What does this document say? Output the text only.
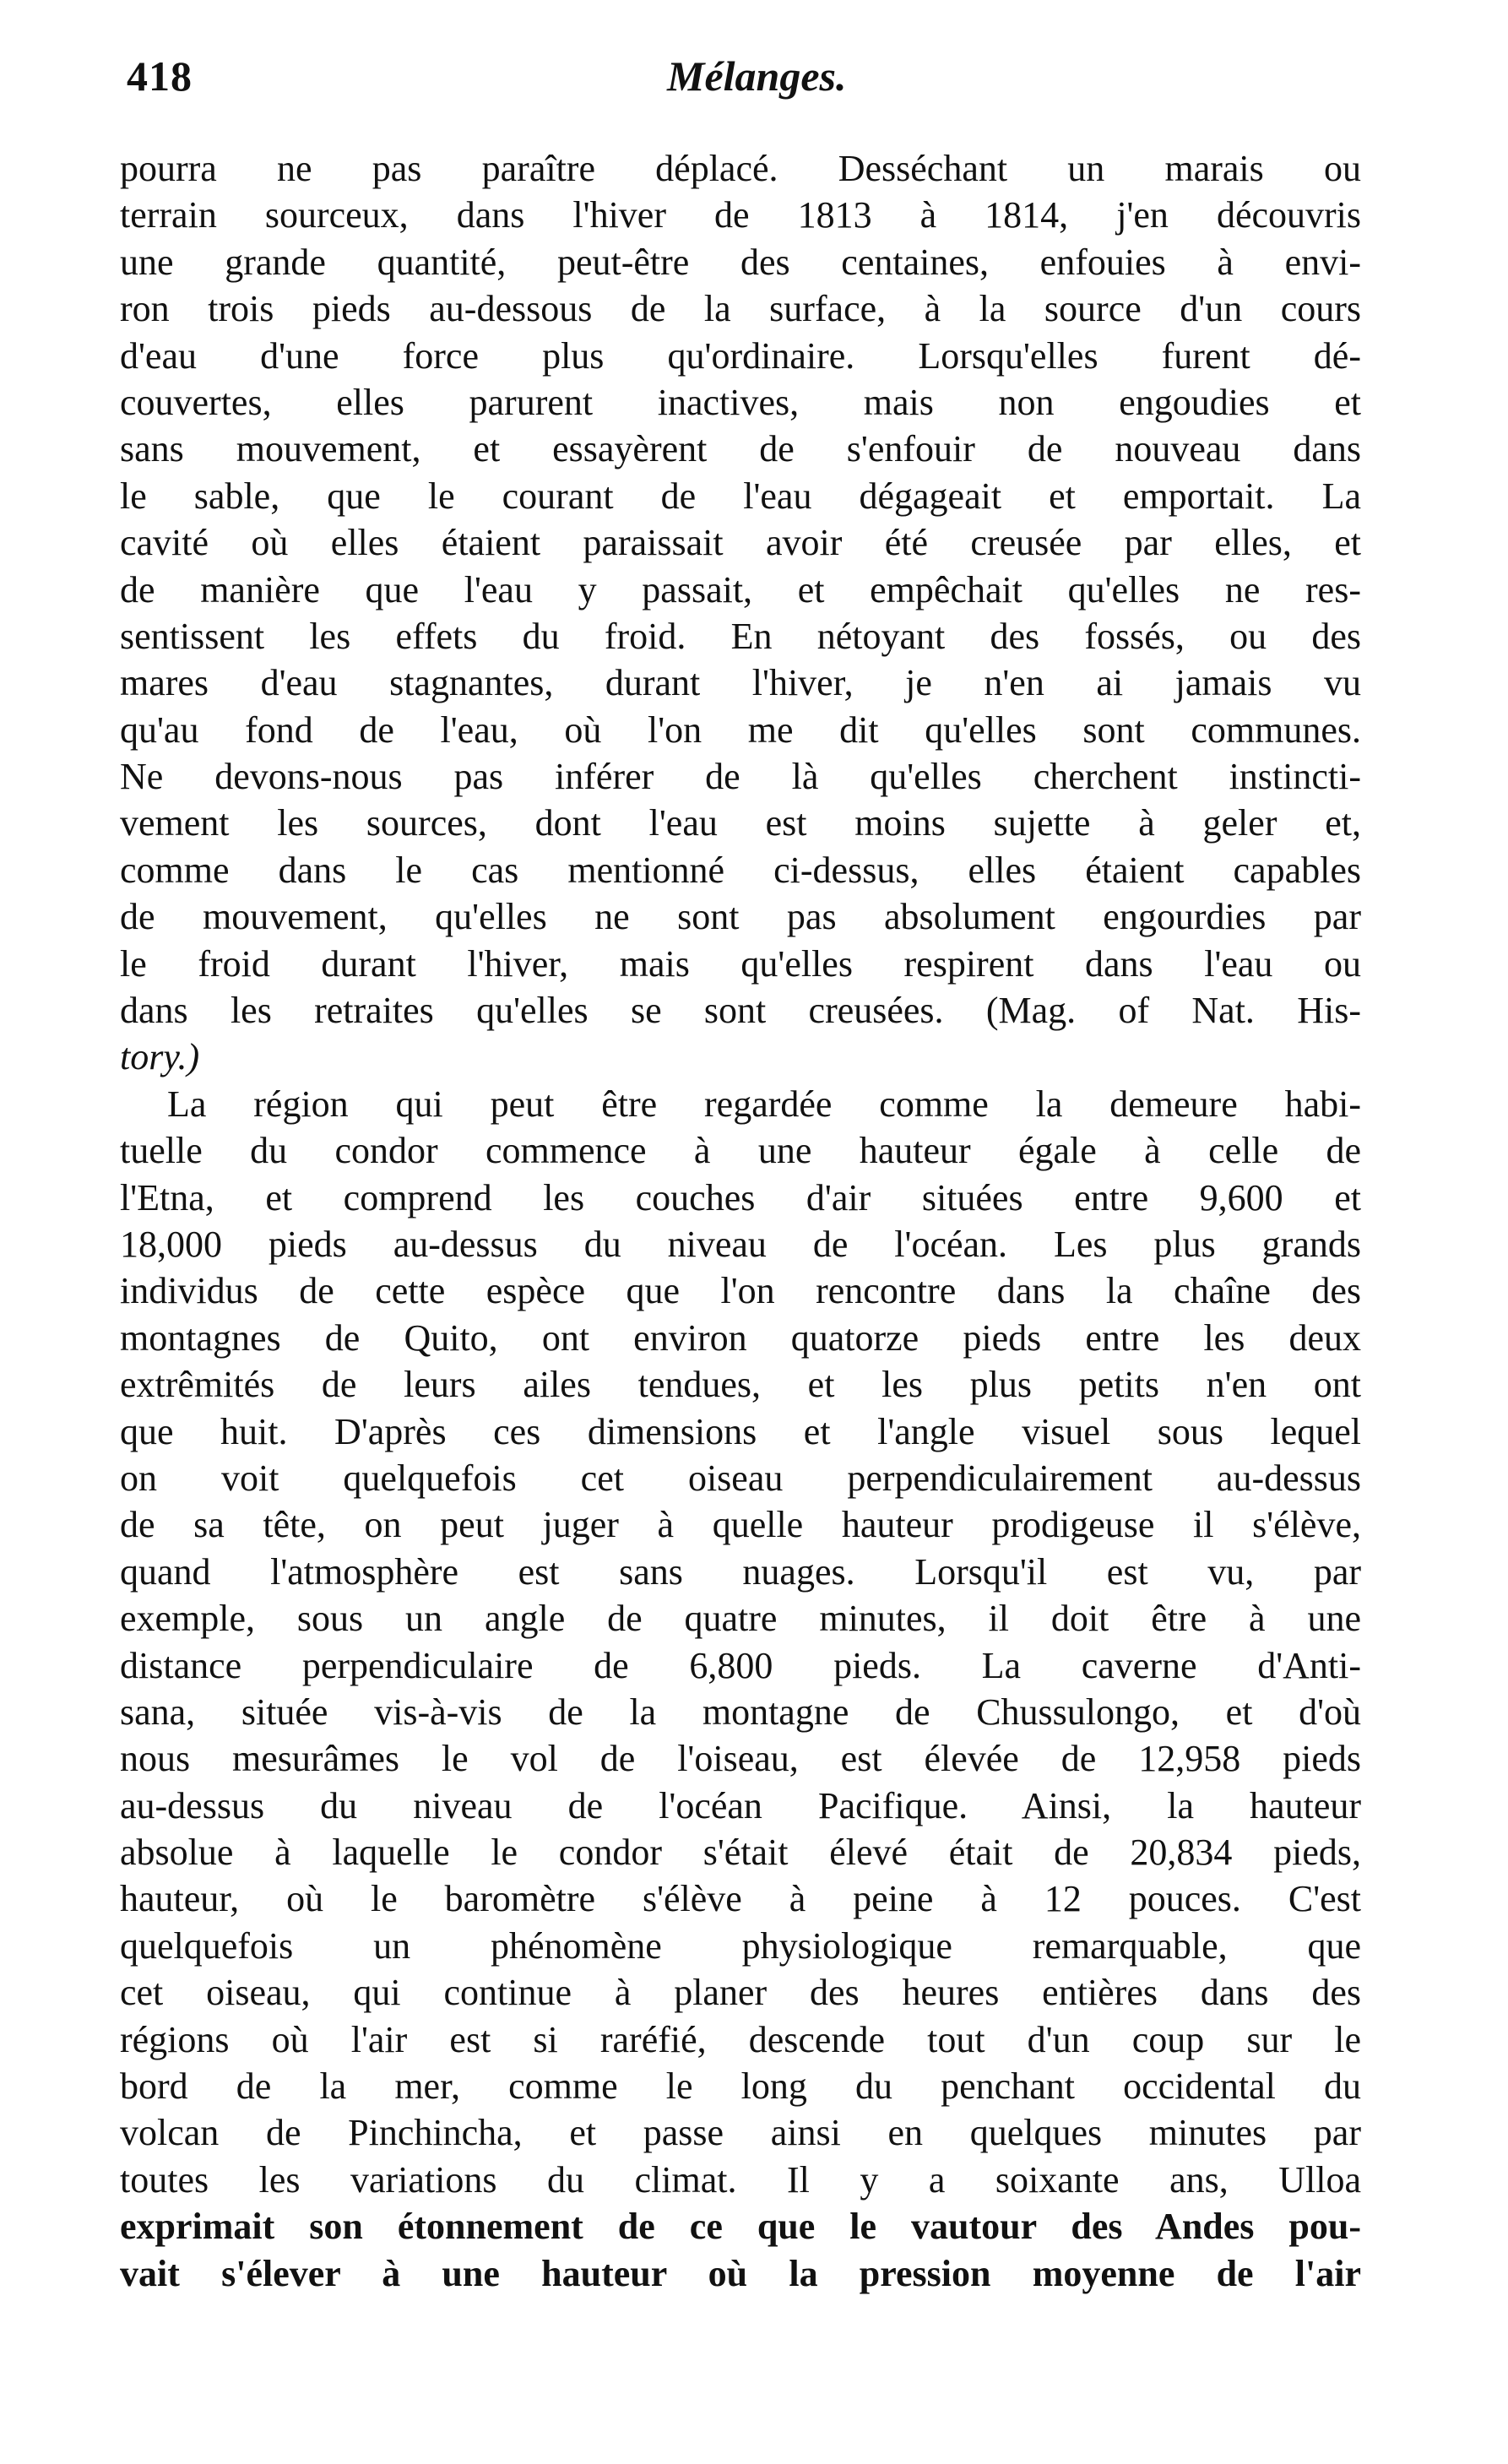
418	Mélanges.
pourra ne pas paraître déplacé. Desséchant un marais ou
terrain sourceux, dans l'hiver de 1813 à 1814, j'en découvris
une grande quantité, peut-être des centaines, enfouies à envi-
ron trois pieds au-dessous de la surface, à la source d'un cours
d'eau d'une force plus qu'ordinaire. Lorsqu'elles furent dé-
couvertes, elles parurent inactives, mais non engoudies et
sans mouvement, et essayèrent de s'enfouir de nouveau dans
le sable, que le courant de l'eau dégageait et emportait. La
cavité où elles étaient paraissait avoir été creusée par elles, et
de manière que l'eau y passait, et empêchait qu'elles ne res-
sentissent les effets du froid. En nétoyant des fossés, ou des
mares d'eau stagnantes, durant l'hiver, je n'en ai jamais vu
qu'au fond de l'eau, où l'on me dit qu'elles sont communes.
Ne devons-nous pas inférer de là qu'elles cherchent instincti-
vement les sources, dont l'eau est moins sujette à geler et,
comme dans le cas mentionné ci-dessus, elles étaient capables
de mouvement, qu'elles ne sont pas absolument engourdies par
le froid durant l'hiver, mais qu'elles respirent dans l'eau ou
dans les retraites qu'elles se sont creusées. (Mag. of Nat. His-
tory.)
La région qui peut être regardée comme la demeure habi-
tuelle du condor commence à une hauteur égale à celle de
l'Etna, et comprend les couches d'air situées entre 9,600 et
18,000 pieds au-dessus du niveau de l'océan. Les plus grands
individus de cette espèce que l'on rencontre dans la chaîne des
montagnes de Quito, ont environ quatorze pieds entre les deux
extrêmités de leurs ailes tendues, et les plus petits n'en ont
que huit. D'après ces dimensions et l'angle visuel sous lequel
on voit quelquefois cet oiseau perpendiculairement au-dessus
de sa tête, on peut juger à quelle hauteur prodigeuse il s'élève,
quand l'atmosphère est sans nuages. Lorsqu'il est vu, par
exemple, sous un angle de quatre minutes, il doit être à une
distance perpendiculaire de 6,800 pieds. La caverne d'Anti-
sana, située vis-à-vis de la montagne de Chussulongo, et d'où
nous mesurâmes le vol de l'oiseau, est élevée de 12,958 pieds
au-dessus du niveau de l'océan Pacifique. Ainsi, la hauteur
absolue à laquelle le condor s'était élevé était de 20,834 pieds,
hauteur, où le baromètre s'élève à peine à 12 pouces. C'est
quelquefois un phénomène physiologique remarquable, que
cet oiseau, qui continue à planer des heures entières dans des
régions où l'air est si raréfié, descende tout d'un coup sur le
bord de la mer, comme le long du penchant occidental du
volcan de Pinchincha, et passe ainsi en quelques minutes par
toutes les variations du climat. Il y a soixante ans, Ulloa
exprimait son étonnement de ce que le vautour des Andes pou-
vait s'élever à une hauteur où la pression moyenne de l'air
